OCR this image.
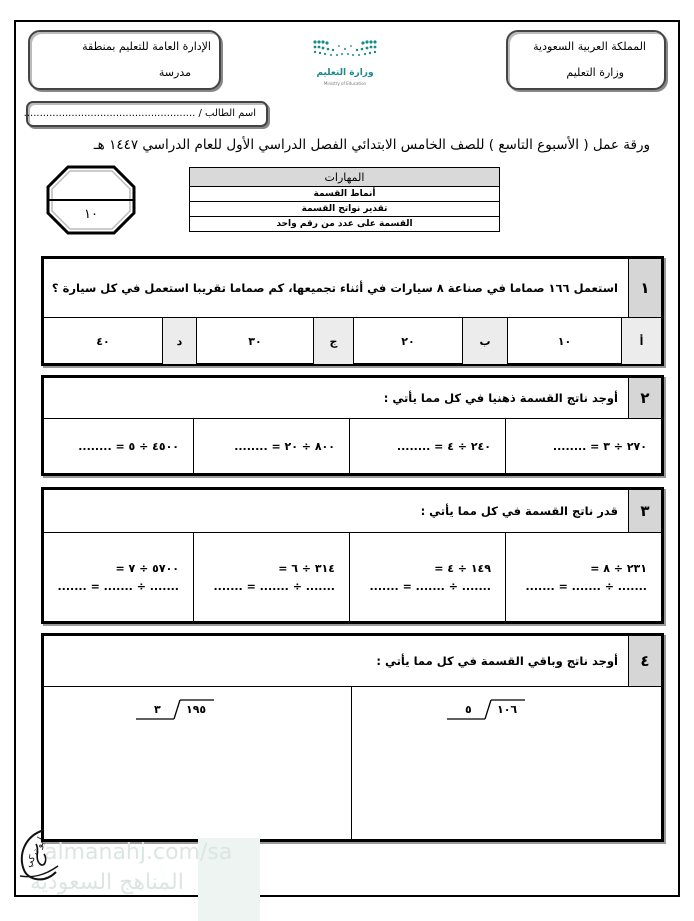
المملكة العربية السعودية
وزارة التعليم
الإدارة العامة للتعليم بمنطقة
مدرسة	وزارة التعليم
Ministry of Education
اسم الطالب / ......................................................
ورقة عمل ( الأسبوع التاسع ) للصف الخامس الابتدائي الفصل الدراسي الأول للعام الدراسي ١٤٤٧ هـ
١٠
المهارات
أنماط القسمة
تقدير نواتج القسمة
القسمة على عدد من رقم واحد
١
استعمل ١٦٦ صماما في صناعة ٨ سيارات في أثناء تجميعها، كم صماما تقريبا استعمل في كل سيارة ؟
أ
١٠
ب
٢٠
ج
٣٠
د
٤٠
٢
أوجد ناتج القسمة ذهنيا في كل مما يأتي :
٢٧٠ ÷ ٣ = ........
٢٤٠ ÷ ٤ = ........
٨٠٠ ÷ ٢٠ = ........
٤٥٠٠ ÷ ٥ = ........
٣
قدر ناتج القسمة في كل مما يأتي :
٢٣١ ÷ ٨ =
....... ÷ ....... = .......
١٤٩ ÷ ٤ =
....... ÷ ....... = .......
٣١٤ ÷ ٦ =
....... ÷ ....... = .......
٥٧٠٠ ÷ ٧ =
....... ÷ ....... = .......
٤
أوجد ناتج وباقي القسمة في كل مما يأتي :
٥ ١٠٦
٣ ١٩٥
almanahj.com/sa
المناهج السعودية
أبو تركي
